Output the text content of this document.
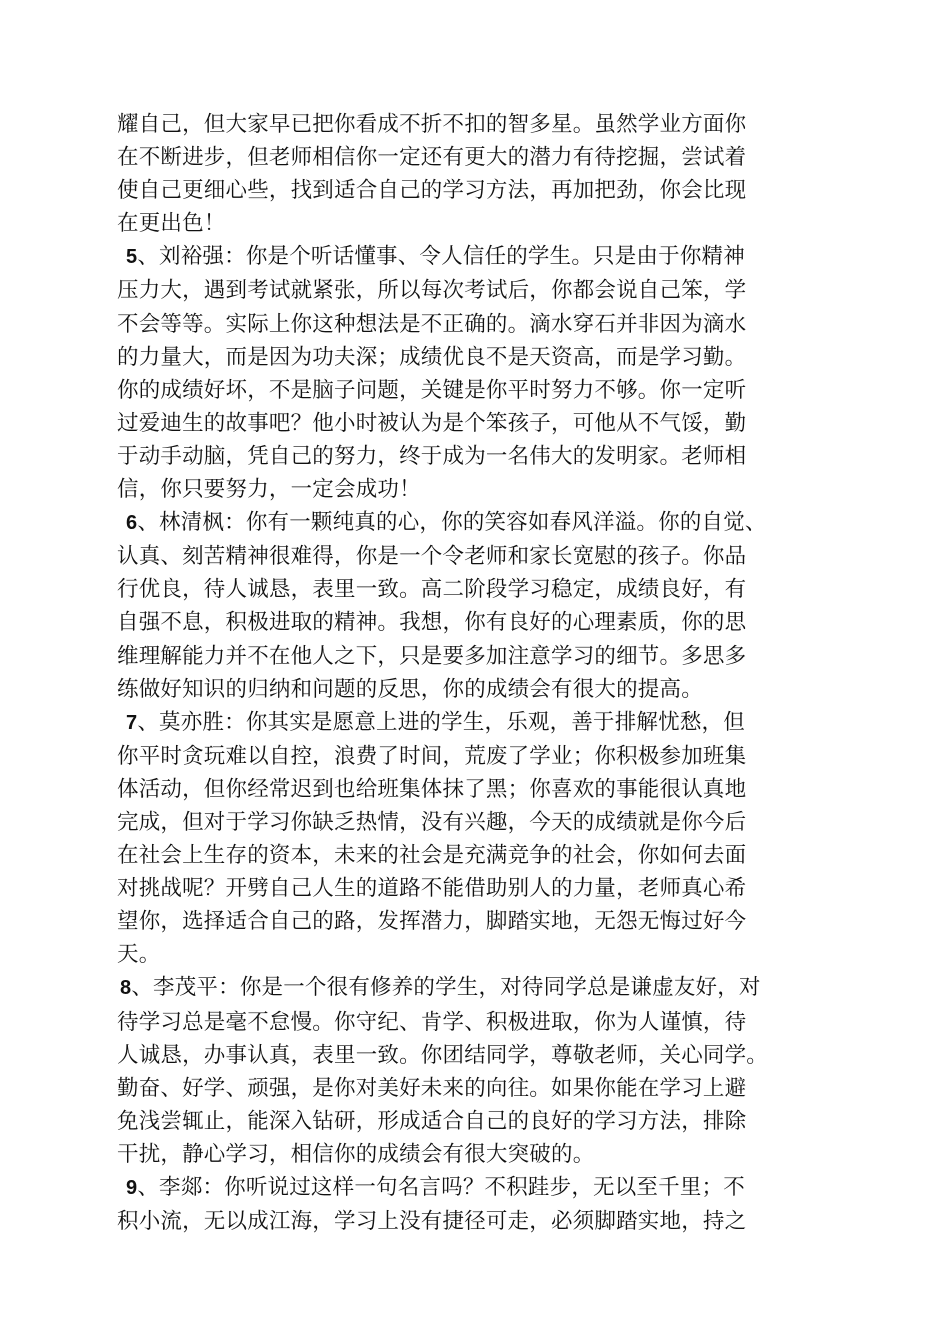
耀自己，但大家早已把你看成不折不扣的智多星。虽然学业方面你
在不断进步，但老师相信你一定还有更大的潜力有待挖掘，尝试着
使自己更细心些，找到适合自己的学习方法，再加把劲，你会比现
在更出色！
5、刘裕强：你是个听话懂事、令人信任的学生。只是由于你精神
压力大，遇到考试就紧张，所以每次考试后，你都会说自己笨，学
不会等等。实际上你这种想法是不正确的。滴水穿石并非因为滴水
的力量大，而是因为功夫深；成绩优良不是天资高，而是学习勤。
你的成绩好坏，不是脑子问题，关键是你平时努力不够。你一定听
过爱迪生的故事吧？他小时被认为是个笨孩子，可他从不气馁，勤
于动手动脑，凭自己的努力，终于成为一名伟大的发明家。老师相
信，你只要努力，一定会成功！
6、林清枫：你有一颗纯真的心，你的笑容如春风洋溢。你的自觉、
认真、刻苦精神很难得，你是一个令老师和家长宽慰的孩子。你品
行优良，待人诚恳，表里一致。高二阶段学习稳定，成绩良好，有
自强不息，积极进取的精神。我想，你有良好的心理素质，你的思
维理解能力并不在他人之下，只是要多加注意学习的细节。多思多
练做好知识的归纳和问题的反思，你的成绩会有很大的提高。
7、莫亦胜：你其实是愿意上进的学生，乐观，善于排解忧愁，但
你平时贪玩难以自控，浪费了时间，荒废了学业；你积极参加班集
体活动，但你经常迟到也给班集体抹了黑；你喜欢的事能很认真地
完成，但对于学习你缺乏热情，没有兴趣，今天的成绩就是你今后
在社会上生存的资本，未来的社会是充满竞争的社会，你如何去面
对挑战呢？开劈自己人生的道路不能借助别人的力量，老师真心希
望你，选择适合自己的路，发挥潜力，脚踏实地，无怨无悔过好今
天。
8、李茂平：你是一个很有修养的学生，对待同学总是谦虚友好，对
待学习总是毫不怠慢。你守纪、肯学、积极进取，你为人谨慎，待
人诚恳，办事认真，表里一致。你团结同学，尊敬老师，关心同学。
勤奋、好学、顽强，是你对美好未来的向往。如果你能在学习上避
免浅尝辄止，能深入钻研，形成适合自己的良好的学习方法，排除
干扰，静心学习，相信你的成绩会有很大突破的。
9、李郯：你听说过这样一句名言吗？不积跬步，无以至千里；不
积小流，无以成江海，学习上没有捷径可走，必须脚踏实地，持之
